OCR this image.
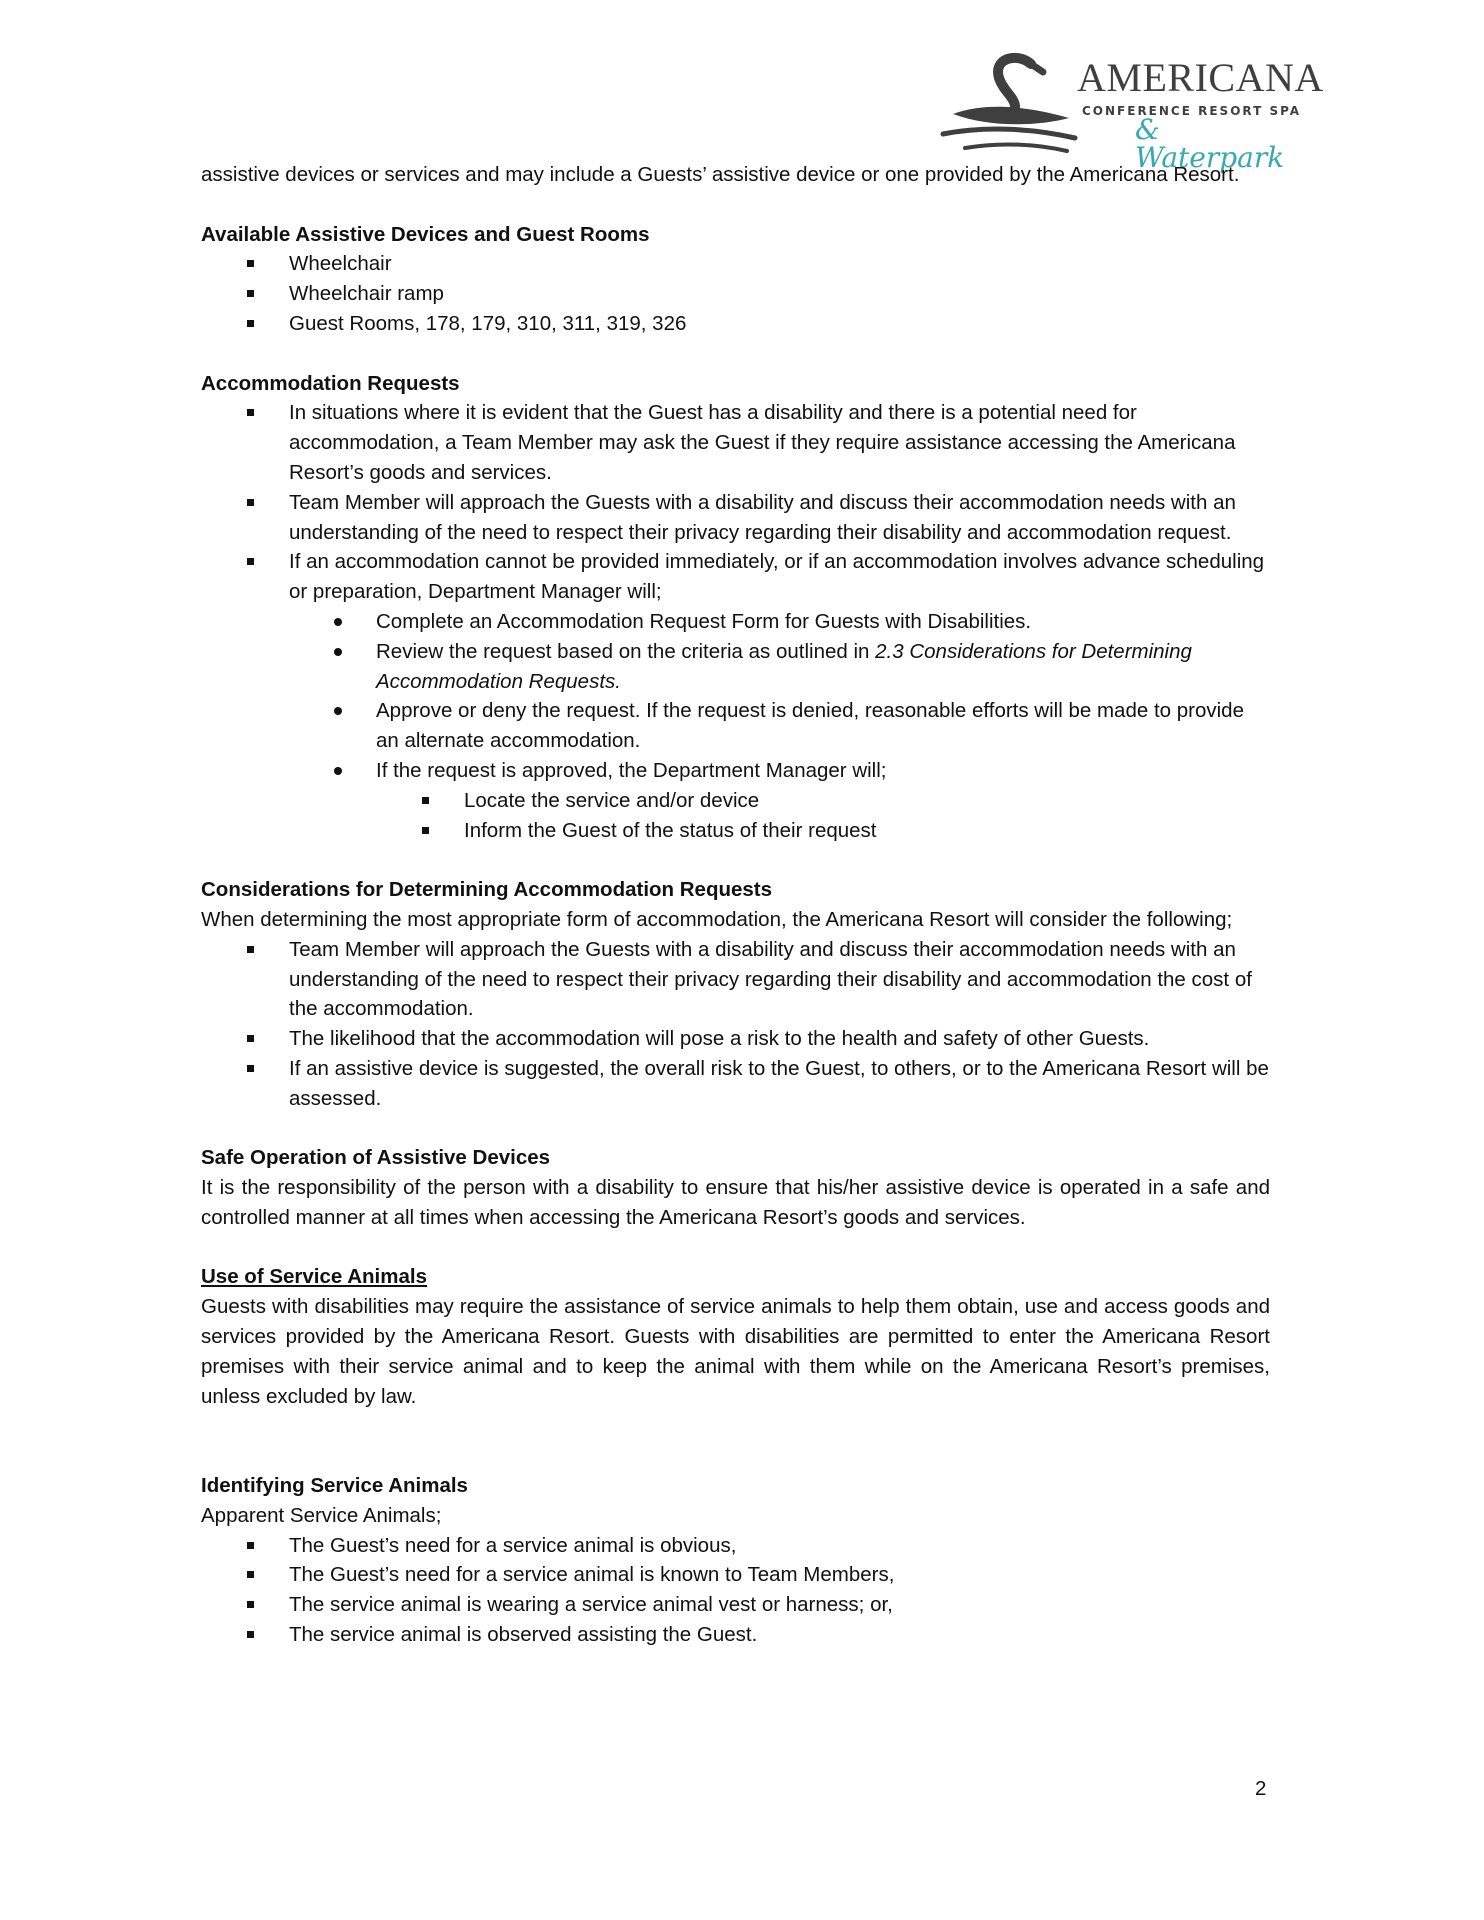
AMERICANA
CONFERENCE RESORT SPA
& Waterpark

assistive devices or services and may include a Guests’ assistive device or one provided by the Americana Resort.

Available Assistive Devices and Guest Rooms
Wheelchair
Wheelchair ramp
Guest Rooms, 178, 179, 310, 311, 319, 326
Accommodation Requests
In situations where it is evident that the Guest has a disability and there is a potential need for accommodation, a Team Member may ask the Guest if they require assistance accessing the Americana Resort’s goods and services.
Team Member will approach the Guests with a disability and discuss their accommodation needs with an understanding of the need to respect their privacy regarding their disability and accommodation request.
If an accommodation cannot be provided immediately, or if an accommodation involves advance scheduling or preparation, Department Manager will;
Complete an Accommodation Request Form for Guests with Disabilities.
Review the request based on the criteria as outlined in 2.3 Considerations for Determining Accommodation Requests.
Approve or deny the request. If the request is denied, reasonable efforts will be made to provide an alternate accommodation.
If the request is approved, the Department Manager will;
Locate the service and/or device
Inform the Guest of the status of their request
Considerations for Determining Accommodation Requests

When determining the most appropriate form of accommodation, the Americana Resort will consider the following;

Team Member will approach the Guests with a disability and discuss their accommodation needs with an understanding of the need to respect their privacy regarding their disability and accommodation the cost of the accommodation.
The likelihood that the accommodation will pose a risk to the health and safety of other Guests.
If an assistive device is suggested, the overall risk to the Guest, to others, or to the Americana Resort will be assessed.
Safe Operation of Assistive Devices

It is the responsibility of the person with a disability to ensure that his/her assistive device is operated in a safe and controlled manner at all times when accessing the Americana Resort’s goods and services.

Use of Service Animals

Guests with disabilities may require the assistance of service animals to help them obtain, use and access goods and services provided by the Americana Resort. Guests with disabilities are permitted to enter the Americana Resort premises with their service animal and to keep the animal with them while on the Americana Resort’s premises, unless excluded by law.

Identifying Service Animals

Apparent Service Animals;

The Guest’s need for a service animal is obvious,
The Guest’s need for a service animal is known to Team Members,
The service animal is wearing a service animal vest or harness; or,
The service animal is observed assisting the Guest.
2
